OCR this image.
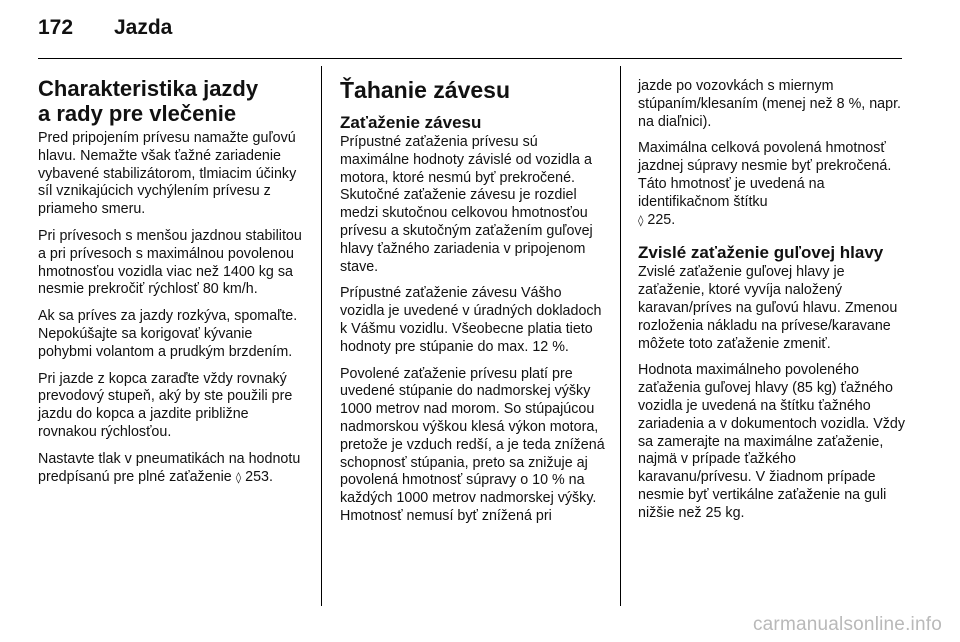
172 Jazda
Charakteristika jazdy
a rady pre vlečenie

Pred pripojením prívesu namažte guľovú hlavu. Nemažte však ťažné zariadenie vybavené stabilizátorom, tlmiacim účinky síl vznikajúcich vychýlením prívesu z priameho smeru.

Pri prívesoch s menšou jazdnou stabilitou a pri prívesoch s maximálnou povolenou hmotnosťou vozidla viac než 1400 kg sa nesmie prekročiť rýchlosť 80 km/h.

Ak sa príves za jazdy rozkýva, spomaľte. Nepokúšajte sa korigovať kývanie pohybmi volantom a prudkým brzdením.

Pri jazde z kopca zaraďte vždy rovnaký prevodový stupeň, aký by ste použili pre jazdu do kopca a jazdite približne rovnakou rýchlosťou.

Nastavte tlak v pneumatikách na hodnotu predpísanú pre plné zaťaženie ◊ 253.

Ťahanie závesu
Zaťaženie závesu

Prípustné zaťaženia prívesu sú maximálne hodnoty závislé od vozidla a motora, ktoré nesmú byť prekročené. Skutočné zaťaženie závesu je rozdiel medzi skutočnou celkovou hmotnosťou prívesu a skutočným zaťažením guľovej hlavy ťažného zariadenia v pripojenom stave.

Prípustné zaťaženie závesu Vášho vozidla je uvedené v úradných dokladoch k Vášmu vozidlu. Všeobecne platia tieto hodnoty pre stúpanie do max. 12 %.

Povolené zaťaženie prívesu platí pre uvedené stúpanie do nadmorskej výšky 1000 metrov nad morom. So stúpajúcou nadmorskou výškou klesá výkon motora, pretože je vzduch redší, a je teda znížená schopnosť stúpania, preto sa znižuje aj povolená hmotnosť súpravy o 10 % na každých 1000 metrov nadmorskej výšky. Hmotnosť nemusí byť znížená pri

jazde po vozovkách s miernym stúpaním/klesaním (menej než 8 %, napr. na diaľnici).

Maximálna celková povolená hmotnosť jazdnej súpravy nesmie byť prekročená. Táto hmotnosť je uvedená na identifikačnom štítku
◊ 225.

Zvislé zaťaženie guľovej hlavy

Zvislé zaťaženie guľovej hlavy je zaťaženie, ktoré vyvíja naložený karavan/príves na guľovú hlavu. Zmenou rozloženia nákladu na prívese/karavane môžete toto zaťaženie zmeniť.

Hodnota maximálneho povoleného zaťaženia guľovej hlavy (85 kg) ťažného vozidla je uvedená na štítku ťažného zariadenia a v dokumentoch vozidla. Vždy sa zamerajte na maximálne zaťaženie, najmä v prípade ťažkého karavanu/prívesu. V žiadnom prípade nesmie byť vertikálne zaťaženie na guli nižšie než 25 kg.

carmanualsonline.info
